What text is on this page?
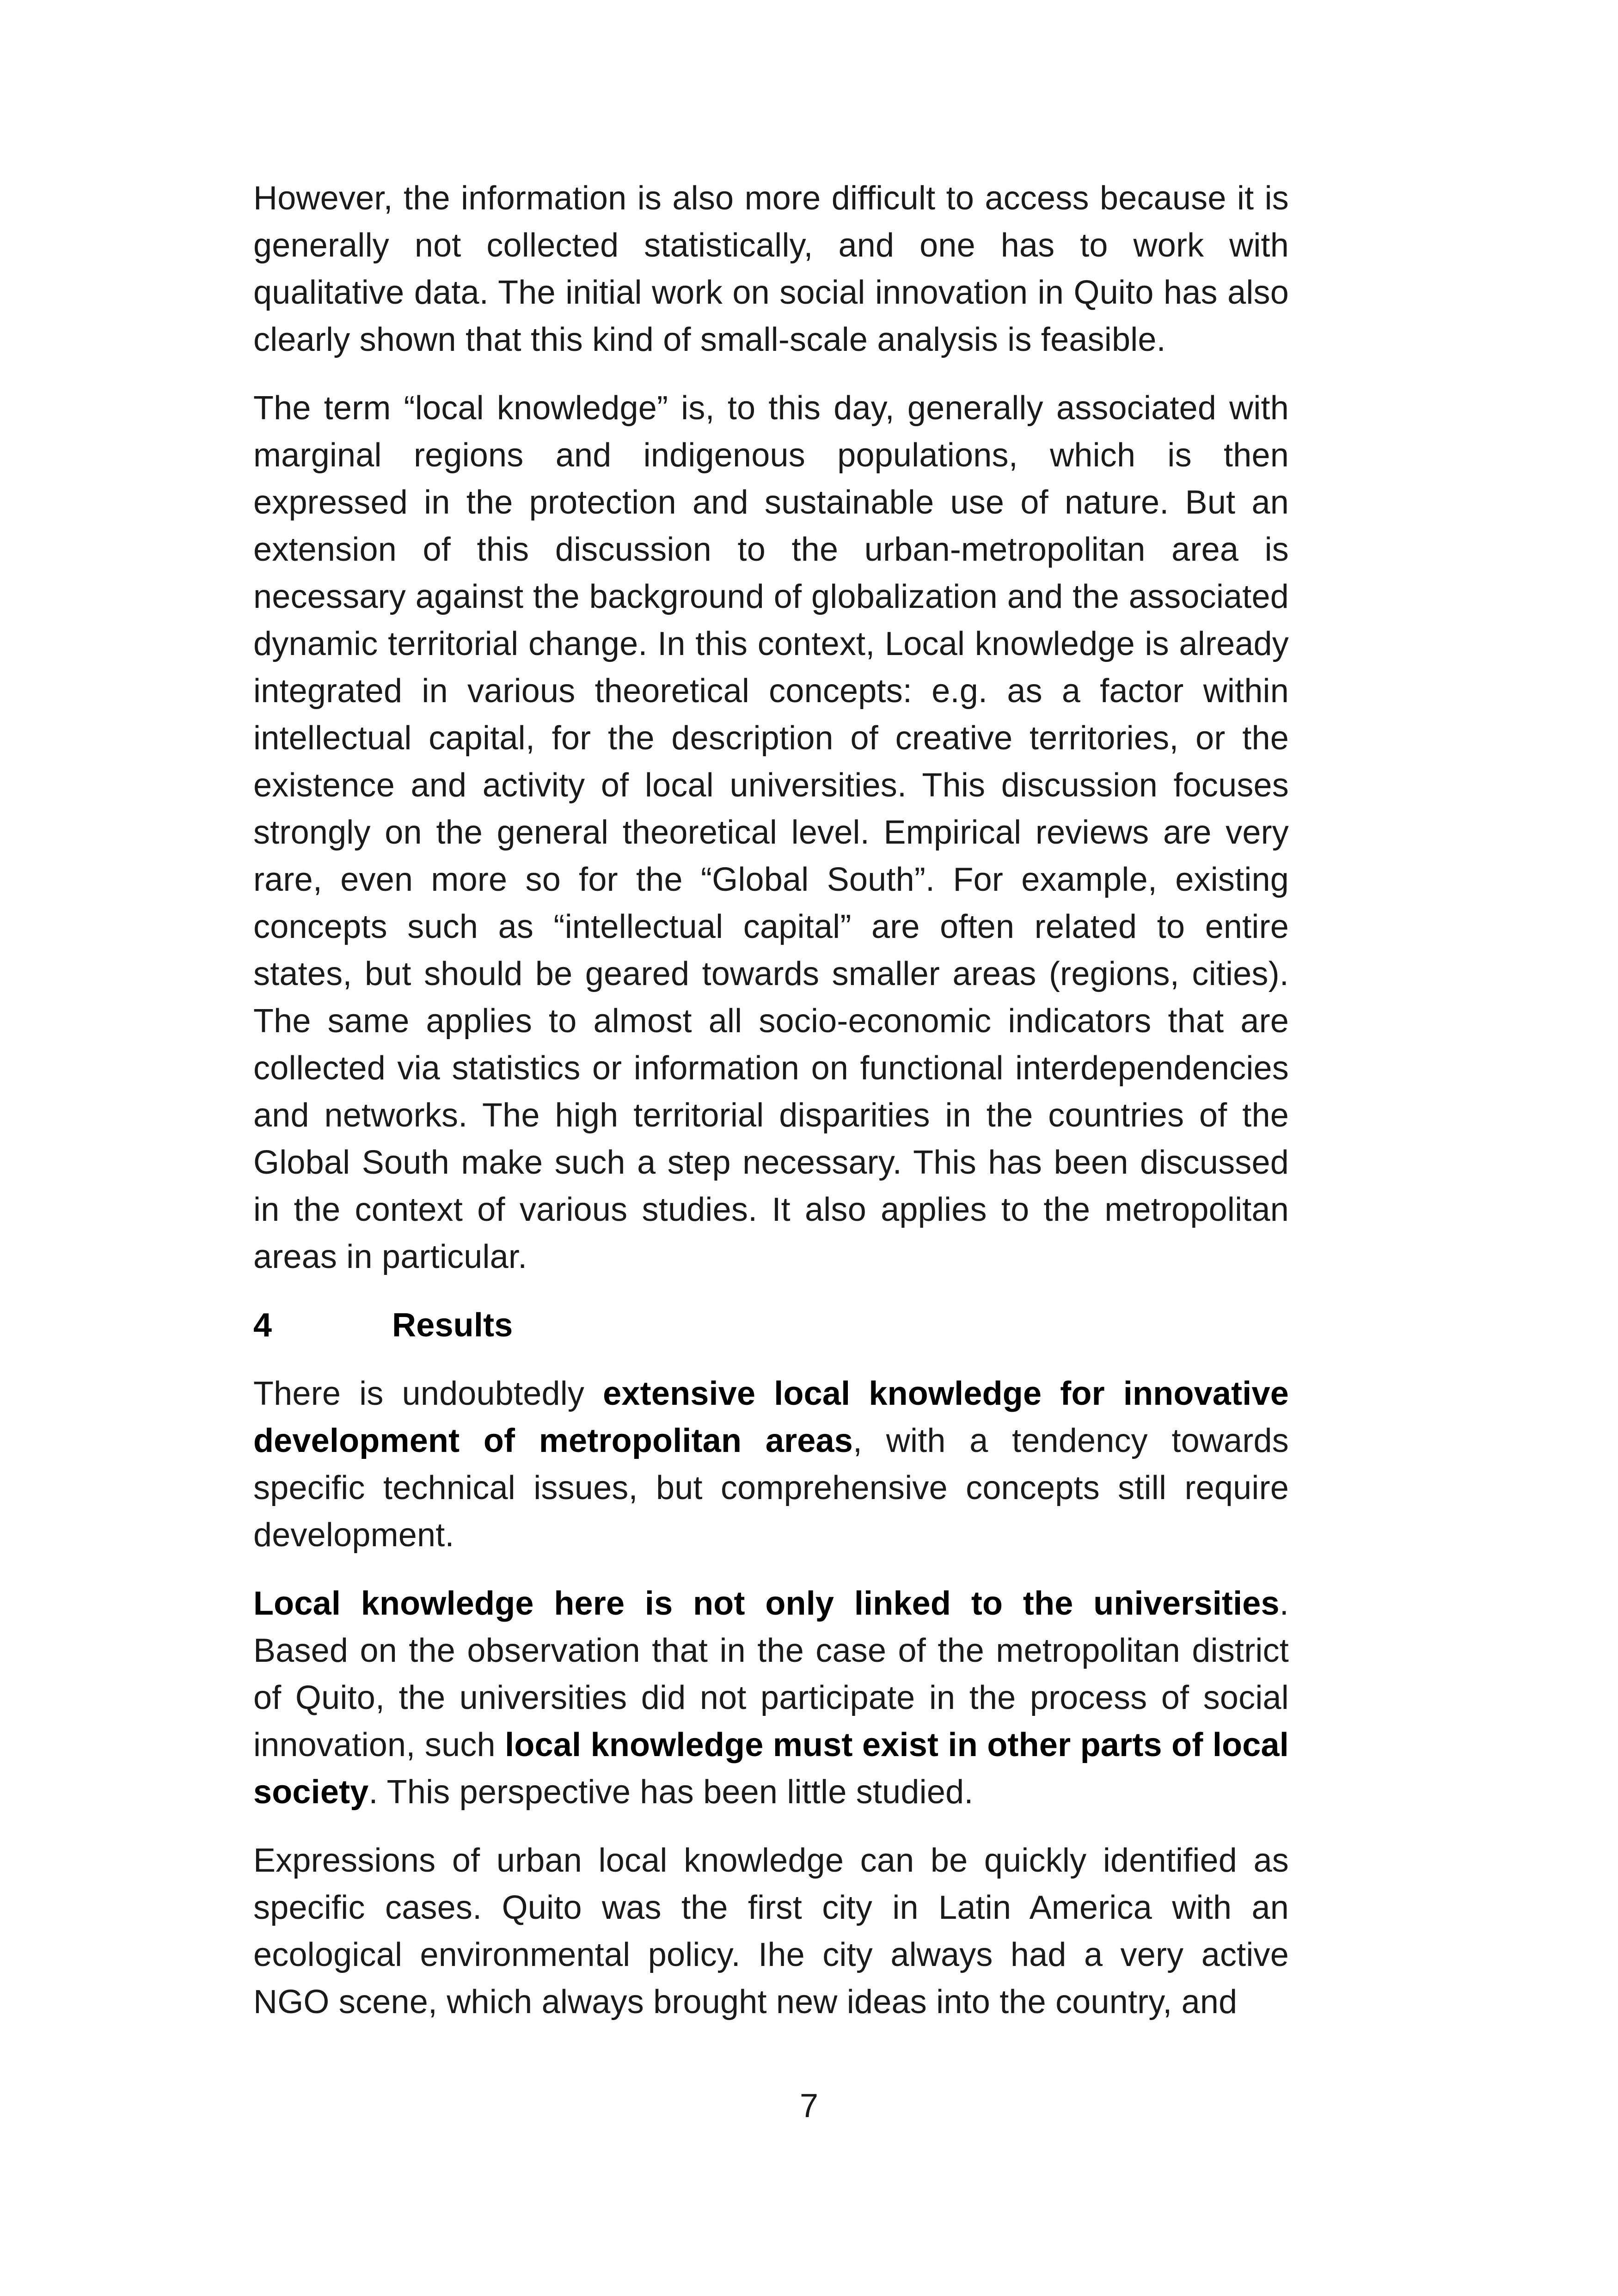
However, the information is also more difficult to access because it is generally not collected statistically, and one has to work with qualitative data. The initial work on social innovation in Quito has also clearly shown that this kind of small-scale analysis is feasible.

The term “local knowledge” is, to this day, generally associated with marginal regions and indigenous populations, which is then expressed in the protection and sustainable use of nature. But an extension of this discussion to the urban-metropolitan area is necessary against the background of globalization and the associated dynamic territorial change. In this context, Local knowledge is already integrated in various theoretical concepts: e.g. as a factor within intellectual capital, for the description of creative territories, or the existence and activity of local universities. This discussion focuses strongly on the general theoretical level. Empirical reviews are very rare, even more so for the “Global South”. For example, existing concepts such as “intellectual capital” are often related to entire states, but should be geared towards smaller areas (regions, cities). The same applies to almost all socio-economic indicators that are collected via statistics or information on functional interdependencies and networks. The high territorial disparities in the countries of the Global South make such a step necessary. This has been discussed in the context of various studies. It also applies to the metropolitan areas in particular.

4	Results

There is undoubtedly extensive local knowledge for innovative development of metropolitan areas, with a tendency towards specific technical issues, but comprehensive concepts still require development.

Local knowledge here is not only linked to the universities. Based on the observation that in the case of the metropolitan district of Quito, the universities did not participate in the process of social innovation, such local knowledge must exist in other parts of local society. This perspective has been little studied.

Expressions of urban local knowledge can be quickly identified as specific cases. Quito was the first city in Latin America with an ecological environmental policy. Ihe city always had a very active NGO scene, which always brought new ideas into the country, and

7
